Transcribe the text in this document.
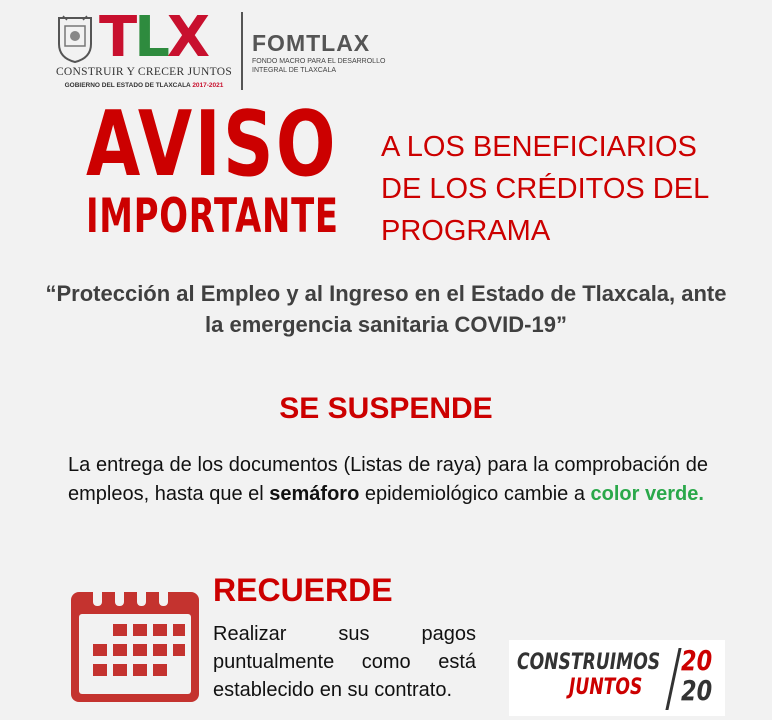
TLX
CONSTRUIR Y CRECER JUNTOS
GOBIERNO DEL ESTADO DE TLAXCALA 2017-2021
FOMTLAX
FONDO MACRO PARA EL DESARROLLO
INTEGRAL DE TLAXCALA
AVISO
IMPORTANTE
A LOS BENEFICIARIOS
DE LOS CRÉDITOS DEL
PROGRAMA
“Protección al Empleo y al Ingreso en el Estado de Tlaxcala, ante la emergencia sanitaria COVID-19”
SE SUSPENDE
La entrega de los documentos (Listas de raya) para la comprobación de empleos, hasta que el semáforo epidemiológico cambie a color verde.
RECUERDE
Realizar sus pagos puntualmente como está establecido en su contrato.
CONSTRUIMOS
JUNTOS
20
20
